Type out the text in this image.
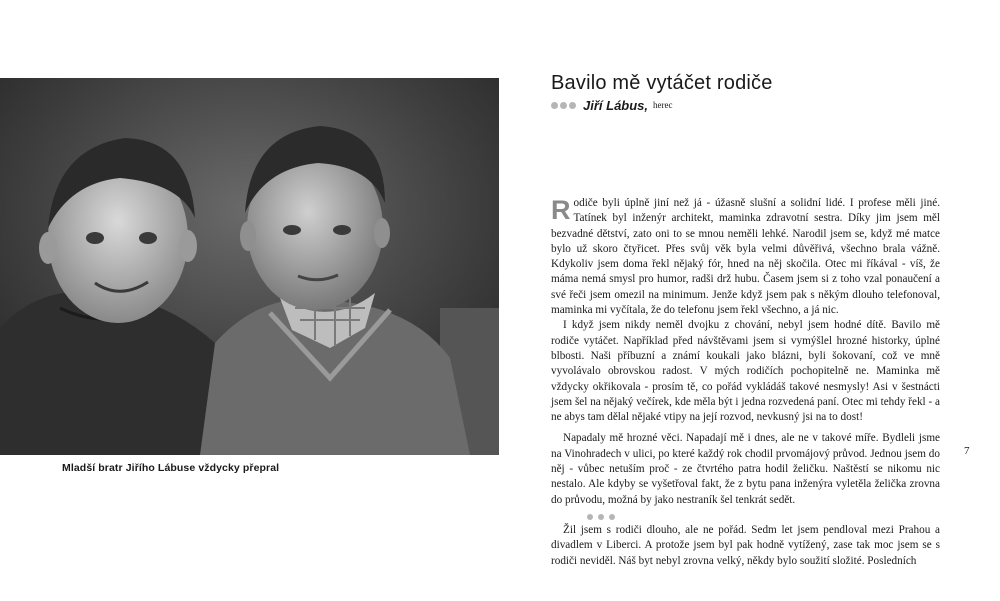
Mladší bratr Jiřího Lábuse vždycky přepral
Bavilo mě vytáčet rodiče
Jiří Lábus, herec

Rodiče byli úplně jiní než já - úžasně slušní a solidní lidé. I profese měli jiné. Tatínek byl inženýr architekt, maminka zdravotní sestra. Díky jim jsem měl bezvadné dětství, zato oni to se mnou neměli lehké. Narodil jsem se, když mé matce bylo už skoro čtyřicet. Přes svůj věk byla velmi důvěřivá, všechno brala vážně. Kdykoliv jsem doma řekl nějaký fór, hned na něj skočila. Otec mi říkával - víš, že máma nemá smysl pro humor, radši drž hubu. Časem jsem si z toho vzal ponaučení a své řeči jsem omezil na minimum. Jenže když jsem pak s někým dlouho telefonoval, maminka mi vyčítala, že do telefonu jsem řekl všechno, a já nic.

I když jsem nikdy neměl dvojku z chování, nebyl jsem hodné dítě. Bavilo mě rodiče vytáčet. Například před návštěvami jsem si vymýšlel hrozné historky, úplné blbosti. Naši příbuzní a známí koukali jako blázni, byli šokovaní, což ve mně vyvolávalo obrovskou radost. V mých rodičích pochopitelně ne. Maminka mě vždycky okřikovala - prosím tě, co pořád vykládáš takové nesmysly! Asi v šestnácti jsem šel na nějaký večírek, kde měla být i jedna rozvedená paní. Otec mi tehdy řekl - a ne abys tam dělal nějaké vtipy na její rozvod, nevkusný jsi na to dost!

Napadaly mě hrozné věci. Napadají mě i dnes, ale ne v takové míře. Bydleli jsme na Vinohradech v ulici, po které každý rok chodil prvomájový průvod. Jednou jsem do něj - vůbec netuším proč - ze čtvrtého patra hodil želičku. Naštěstí se nikomu nic nestalo. Ale kdyby se vyšetřoval fakt, že z bytu pana inženýra vyletěla želička zrovna do průvodu, možná by jako nestraník šel tenkrát sedět.

Žil jsem s rodiči dlouho, ale ne pořád. Sedm let jsem pendloval mezi Prahou a divadlem v Liberci. A protože jsem byl pak hodně vytížený, zase tak moc jsem se s rodiči neviděl. Náš byt nebyl zrovna velký, někdy bylo soužití složité. Posledních

7
